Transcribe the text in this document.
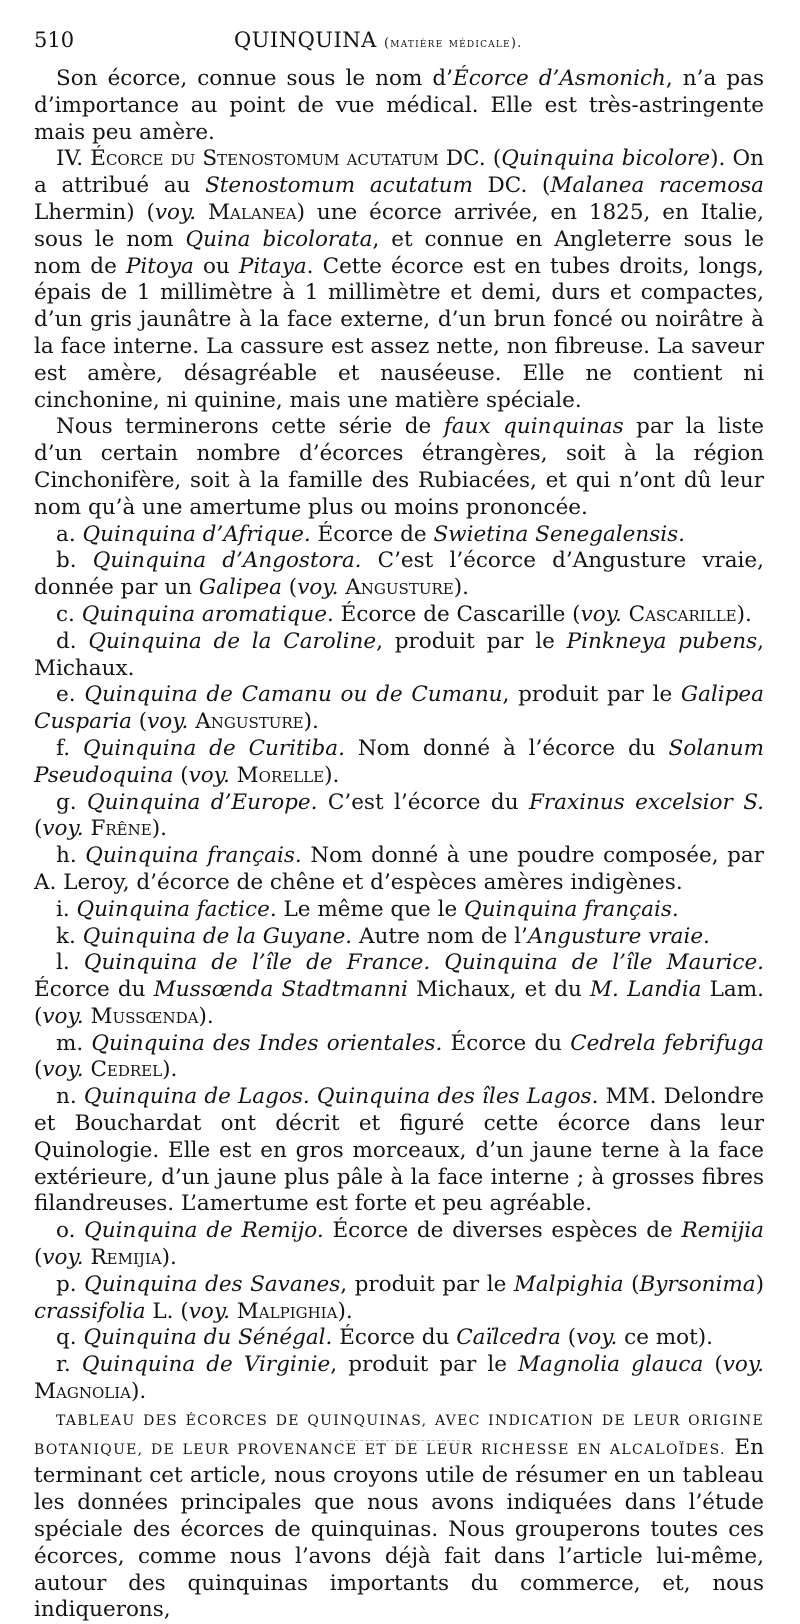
510	QUINQUINA (matière médicale).

Son écorce, connue sous le nom d’Écorce d’Asmonich, n’a pas d’importance au point de vue médical. Elle est très-astringente mais peu amère.

IV. Écorce du Stenostomum acutatum DC. (Quinquina bicolore). On a attribué au Stenostomum acutatum DC. (Malanea racemosa Lhermin) (voy. Malanea) une écorce arrivée, en 1825, en Italie, sous le nom Quina bicolorata, et connue en Angleterre sous le nom de Pitoya ou Pitaya. Cette écorce est en tubes droits, longs, épais de 1 millimètre à 1 millimètre et demi, durs et compactes, d’un gris jaunâtre à la face externe, d’un brun foncé ou noirâtre à la face interne. La cassure est assez nette, non fibreuse. La saveur est amère, désagréable et nauséeuse. Elle ne contient ni cinchonine, ni quinine, mais une matière spéciale.

Nous terminerons cette série de faux quinquinas par la liste d’un certain nombre d’écorces étrangères, soit à la région Cinchonifère, soit à la famille des Rubiacées, et qui n’ont dû leur nom qu’à une amertume plus ou moins prononcée.

a. Quinquina d’Afrique. Écorce de Swietina Senegalensis.

b. Quinquina d’Angostora. C’est l’écorce d’Angusture vraie, donnée par un Galipea (voy. Angusture).

c. Quinquina aromatique. Écorce de Cascarille (voy. Cascarille).

d. Quinquina de la Caroline, produit par le Pinkneya pubens, Michaux.

e. Quinquina de Camanu ou de Cumanu, produit par le Galipea Cusparia (voy. Angusture).

f. Quinquina de Curitiba. Nom donné à l’écorce du Solanum Pseudoquina (voy. Morelle).

g. Quinquina d’Europe. C’est l’écorce du Fraxinus excelsior S. (voy. Frêne).

h. Quinquina français. Nom donné à une poudre composée, par A. Leroy, d’écorce de chêne et d’espèces amères indigènes.

i. Quinquina factice. Le même que le Quinquina français.

k. Quinquina de la Guyane. Autre nom de l’Angusture vraie.

l. Quinquina de l’île de France. Quinquina de l’île Maurice. Écorce du Mussœnda Stadtmanni Michaux, et du M. Landia Lam. (voy. Mussœnda).

m. Quinquina des Indes orientales. Écorce du Cedrela febrifuga (voy. Cedrel).

n. Quinquina de Lagos. Quinquina des îles Lagos. MM. Delondre et Bouchardat ont décrit et figuré cette écorce dans leur Quinologie. Elle est en gros morceaux, d’un jaune terne à la face extérieure, d’un jaune plus pâle à la face interne ; à grosses fibres filandreuses. L’amertume est forte et peu agréable.

o. Quinquina de Remijo. Écorce de diverses espèces de Remijia (voy. Remijia).

p. Quinquina des Savanes, produit par le Malpighia (Byrsonima) crassifolia L. (voy. Malpighia).

q. Quinquina du Sénégal. Écorce du Caïlcedra (voy. ce mot).

r. Quinquina de Virginie, produit par le Magnolia glauca (voy. Magnolia).

TABLEAU DES ÉCORCES DE QUINQUINAS, AVEC INDICATION DE LEUR ORIGINE BOTANIQUE, DE LEUR PROVENANCE ET DE LEUR RICHESSE EN ALCALOÏDES. En terminant cet article, nous croyons utile de résumer en un tableau les données principales que nous avons indiquées dans l’étude spéciale des écorces de quinquinas. Nous grouperons toutes ces écorces, comme nous l’avons déjà fait dans l’article lui-même, autour des quinquinas importants du commerce, et, nous indiquerons,
